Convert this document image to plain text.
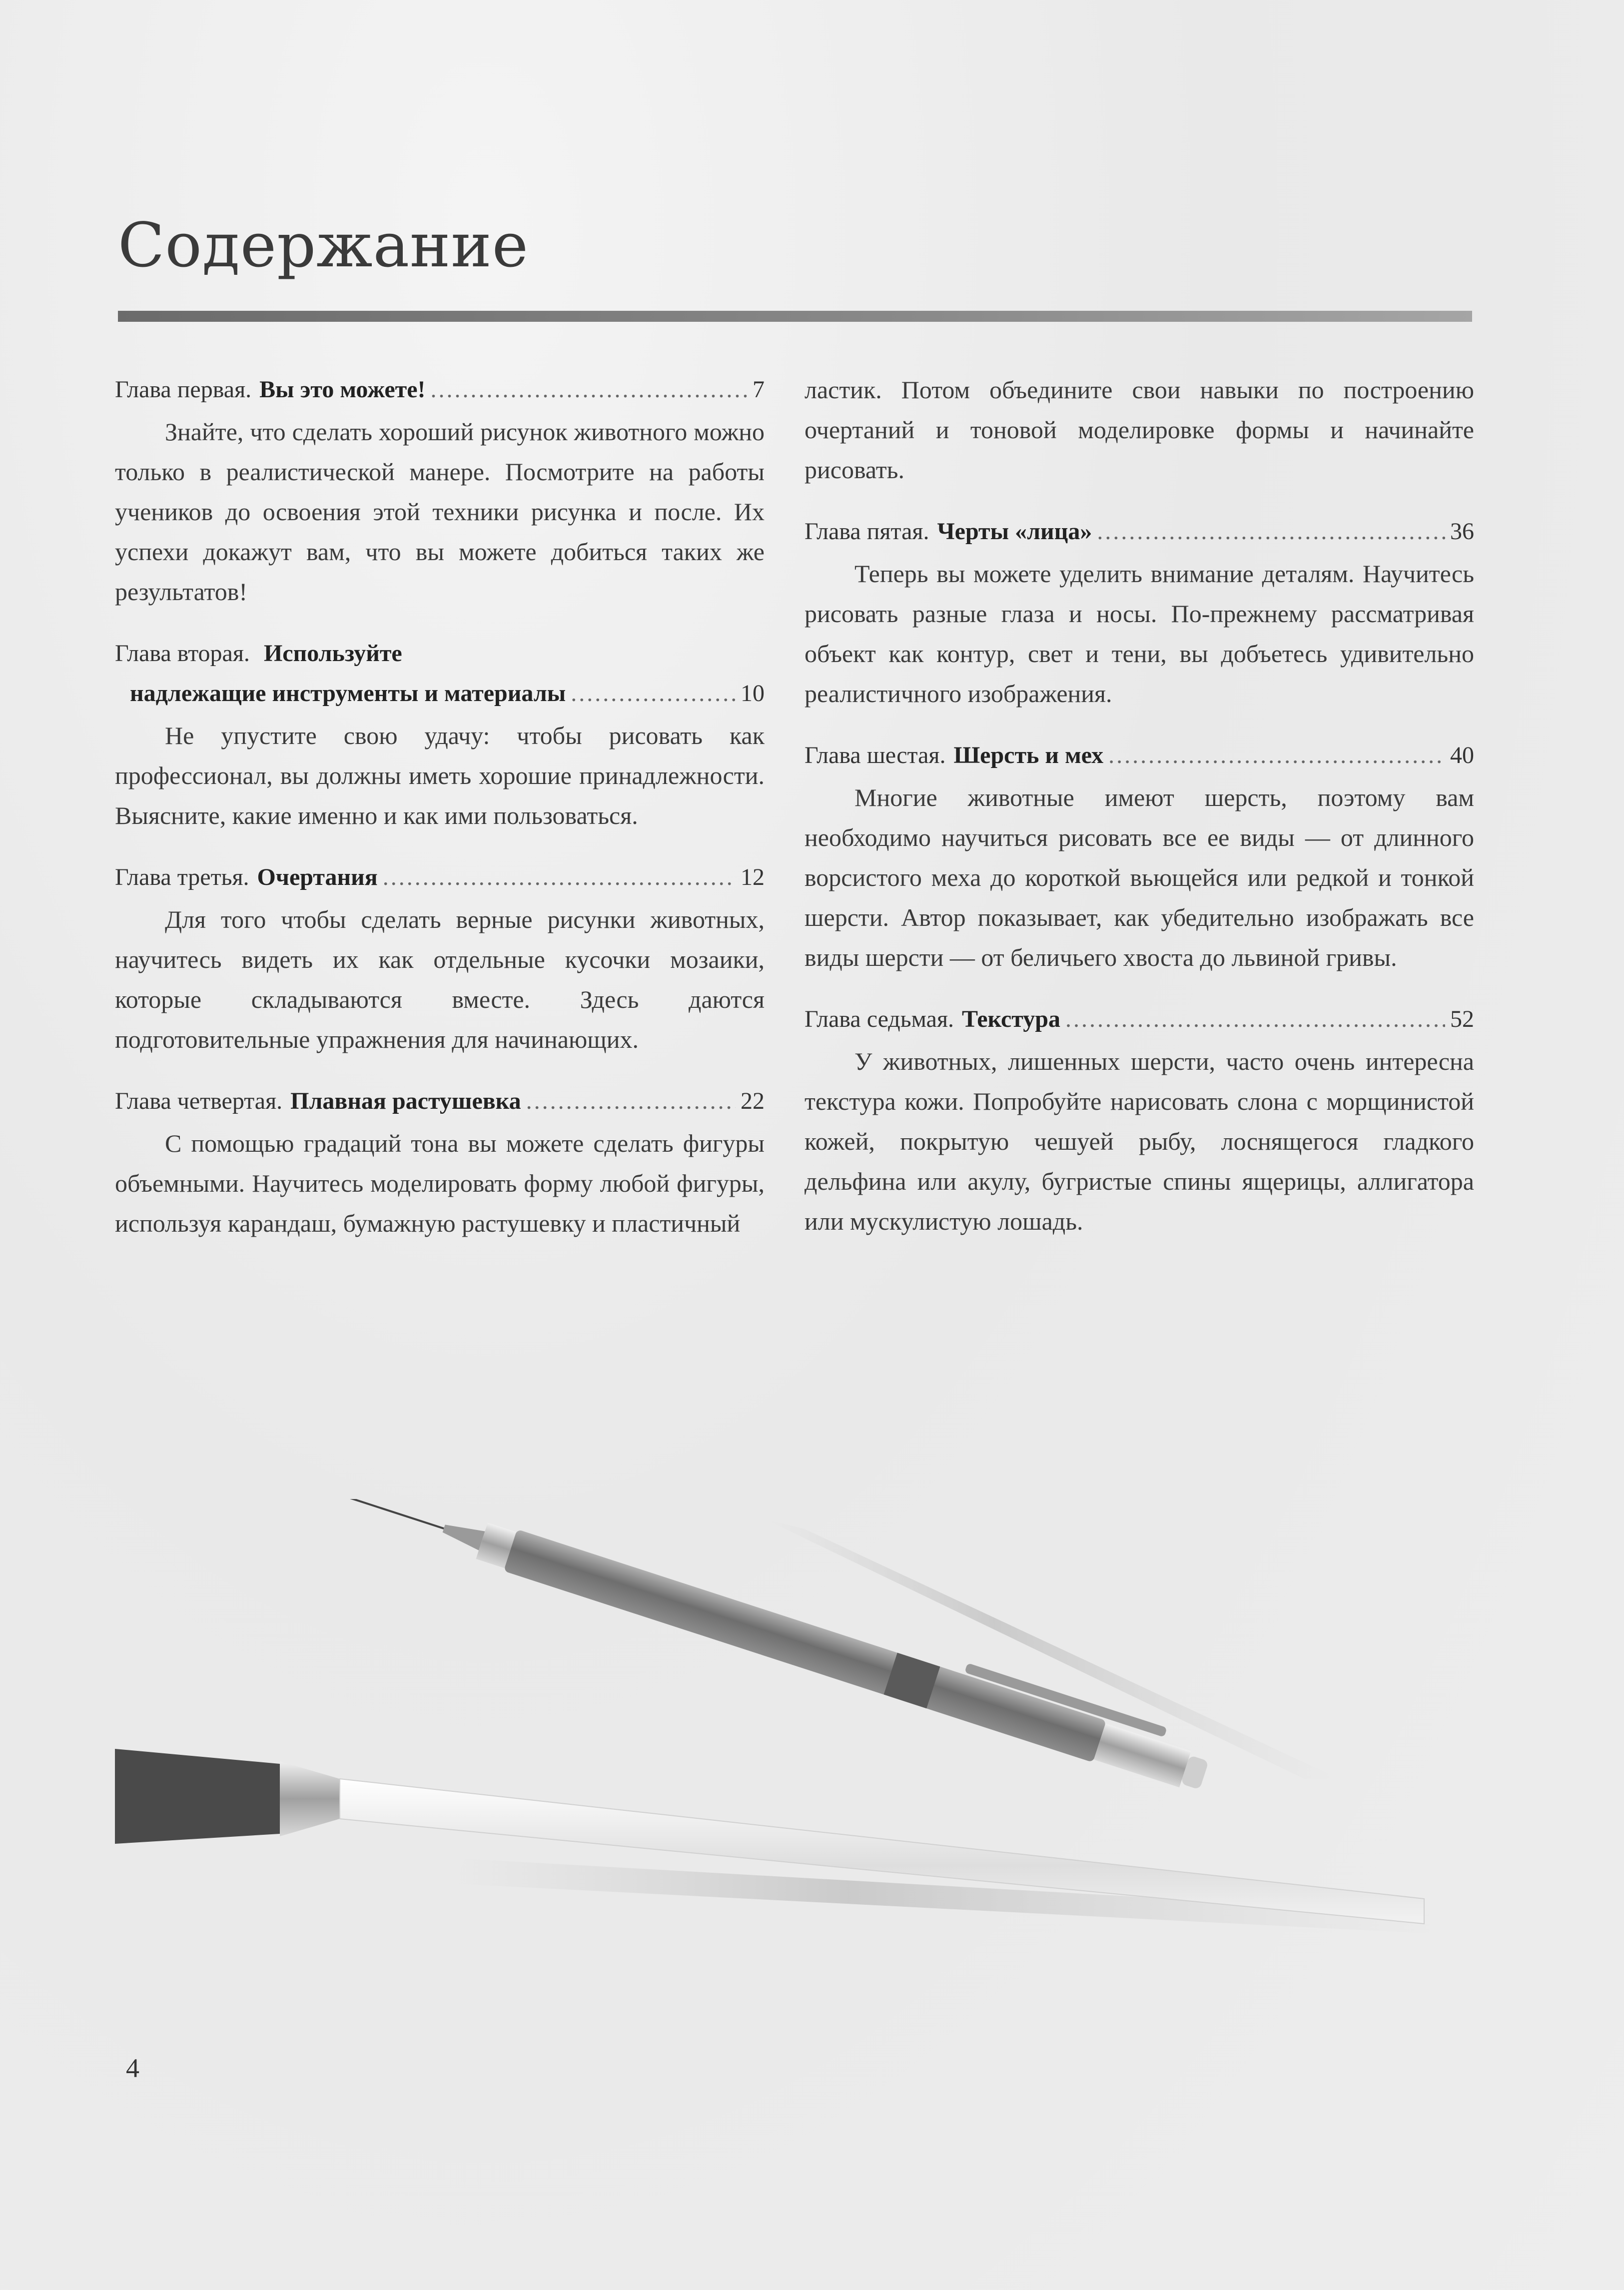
Содержание
Глава первая. Вы это можете! .....	7

Знайте, что сделать хороший рисунок животного можно только в реалистической манере. Посмотрите на работы учеников до освоения этой техники рисунка и после. Их успехи докажут вам, что вы можете добиться таких же результатов!

Глава вторая. Используйте
надлежащие инструменты и материалы .....	10

Не упустите свою удачу: чтобы рисовать как профессионал, вы должны иметь хорошие принадлежности. Выясните, какие именно и как ими пользоваться.

Глава третья. Очертания .....	12

Для того чтобы сделать верные рисунки животных, научитесь видеть их как отдельные кусочки мозаики, которые складываются вместе. Здесь даются подготовительные упражнения для начинающих.

Глава четвертая. Плавная растушевка .....	22

С помощью градаций тона вы можете сделать фигуры объемными. Научитесь моделировать форму любой фигуры, используя карандаш, бумажную растушевку и пластичный

ластик. Потом объедините свои навыки по построению очертаний и тоновой моделировке формы и начинайте рисовать.

Глава пятая. Черты «лица» .....	36

Теперь вы можете уделить внимание деталям. Научитесь рисовать разные глаза и носы. По-прежнему рассматривая объект как контур, свет и тени, вы добъетесь удивительно реалистичного изображения.

Глава шестая. Шерсть и мех .....	40

Многие животные имеют шерсть, поэтому вам необходимо научиться рисовать все ее виды — от длинного ворсистого меха до короткой вьющейся или редкой и тонкой шерсти. Автор показывает, как убедительно изображать все виды шерсти — от беличьего хвоста до львиной гривы.

Глава седьмая. Текстура .....	52

У животных, лишенных шерсти, часто очень интересна текстура кожи. Попробуйте нарисовать слона с морщинистой кожей, покрытую чешуей рыбу, лоснящегося гладкого дельфина или акулу, бугристые спины ящерицы, аллигатора или мускулистую лошадь.

4
